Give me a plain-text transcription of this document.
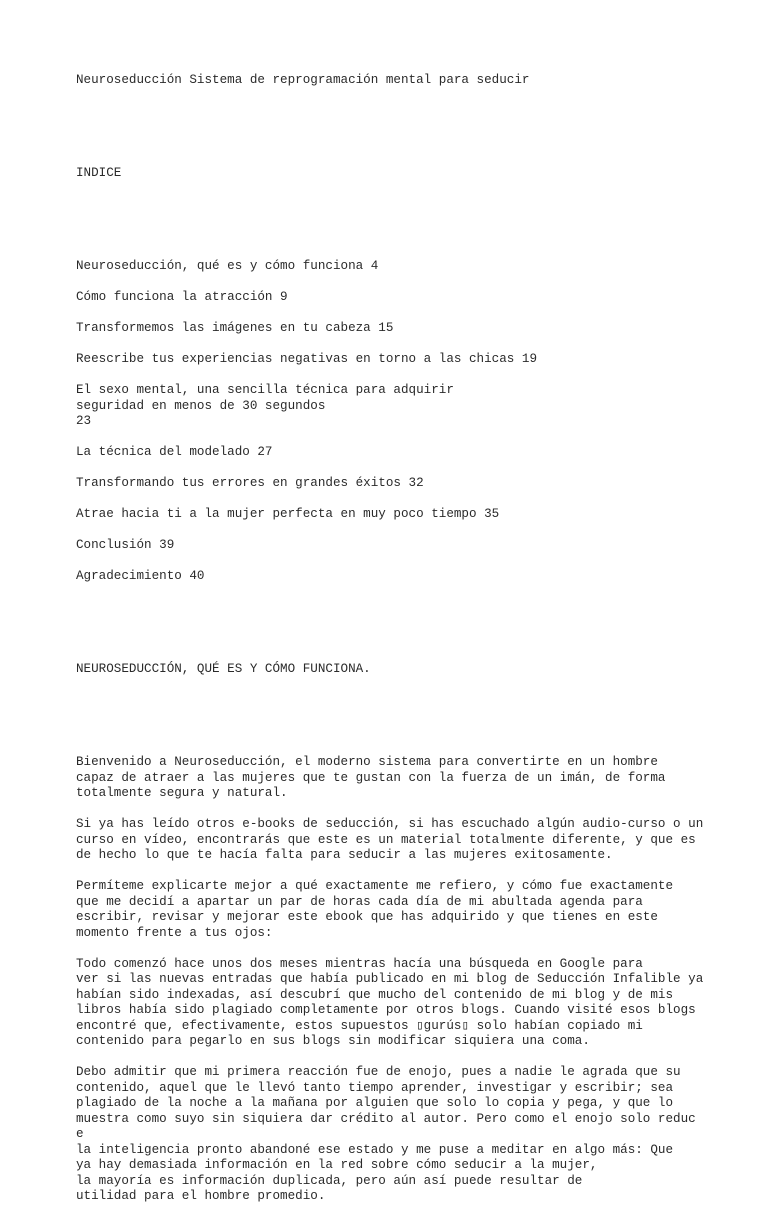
Neuroseducción Sistema de reprogramación mental para seducir

INDICE

Neuroseducción, qué es y cómo funciona 4
Cómo funciona la atracción 9
Transformemos las imágenes en tu cabeza 15
Reescribe tus experiencias negativas en torno a las chicas 19
El sexo mental, una sencilla técnica para adquirir
seguridad en menos de 30 segundos
23
La técnica del modelado 27
Transformando tus errores en grandes éxitos 32
Atrae hacia ti a la mujer perfecta en muy poco tiempo 35
Conclusión 39
Agradecimiento 40

NEUROSEDUCCIÓN, QUÉ ES Y CÓMO FUNCIONA.

Bienvenido a Neuroseducción, el moderno sistema para convertirte en un hombre
capaz de atraer a las mujeres que te gustan con la fuerza de un imán, de forma
totalmente segura y natural.
Si ya has leído otros e-books de seducción, si has escuchado algún audio-curso o un
curso en vídeo, encontrarás que este es un material totalmente diferente, y que es
de hecho lo que te hacía falta para seducir a las mujeres exitosamente.
Permíteme explicarte mejor a qué exactamente me refiero, y cómo fue exactamente
que me decidí a apartar un par de horas cada día de mi abultada agenda para
escribir, revisar y mejorar este ebook que has adquirido y que tienes en este
momento frente a tus ojos:
Todo comenzó hace unos dos meses mientras hacía una búsqueda en Google para
ver si las nuevas entradas que había publicado en mi blog de Seducción Infalible ya
habían sido indexadas, así descubrí que mucho del contenido de mi blog y de mis
libros había sido plagiado completamente por otros blogs. Cuando visité esos blogs
encontré que, efectivamente, estos supuestos ▯gurús▯ solo habían copiado mi
contenido para pegarlo en sus blogs sin modificar siquiera una coma.
Debo admitir que mi primera reacción fue de enojo, pues a nadie le agrada que su
contenido, aquel que le llevó tanto tiempo aprender, investigar y escribir; sea
plagiado de la noche a la mañana por alguien que solo lo copia y pega, y que lo
muestra como suyo sin siquiera dar crédito al autor. Pero como el enojo solo reduc
e
la inteligencia pronto abandoné ese estado y me puse a meditar en algo más: Que
ya hay demasiada información en la red sobre cómo seducir a la mujer,
la mayoría es información duplicada, pero aún así puede resultar de
utilidad para el hombre promedio.
